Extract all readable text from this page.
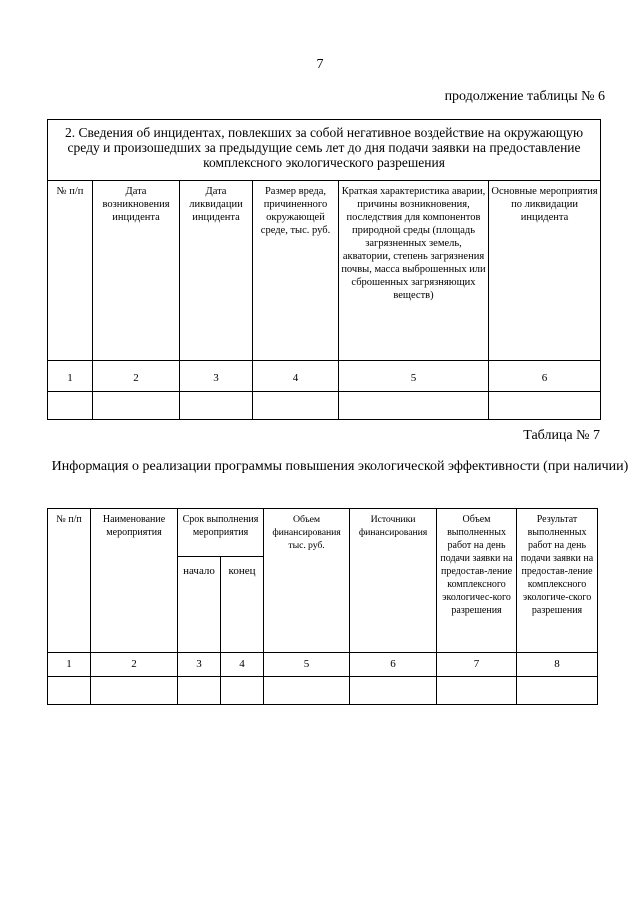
7
продолжение таблицы № 6
2. Сведения об инцидентах, повлекших за собой негативное воздействие на окружающую среду и произошедших за предыдущие семь лет до дня подачи заявки на предоставление комплексного экологического разрешения					
№ п/п	Дата возникновения инцидента	Дата ликвидации инцидента	Размер вреда, причиненного окружающей среде, тыс. руб.	Краткая характеристика аварии, причины возникновения, последствия для компонентов природной среды (площадь загрязненных земель, акватории, степень загрязнения почвы, масса выброшенных или сброшенных загрязняющих веществ)	Основные мероприятия по ликвидации инцидента
1	2	3	4	5	6

Таблица № 7
Информация о реализации программы повышения экологической эффективности (при наличии)
№ п/п	Наименование мероприятия	Срок выполнения мероприятия		Объем финансирования тыс. руб.	Источники финансирования	Объем выполненных работ на день подачи заявки на предостав-ление комплексного экологичес-кого разрешения	Результат выполненных работ на день подачи заявки на предостав-ление комплексного экологиче-ского разрешения
		начало	конец				
1	2	3	4	5	6	7	8
